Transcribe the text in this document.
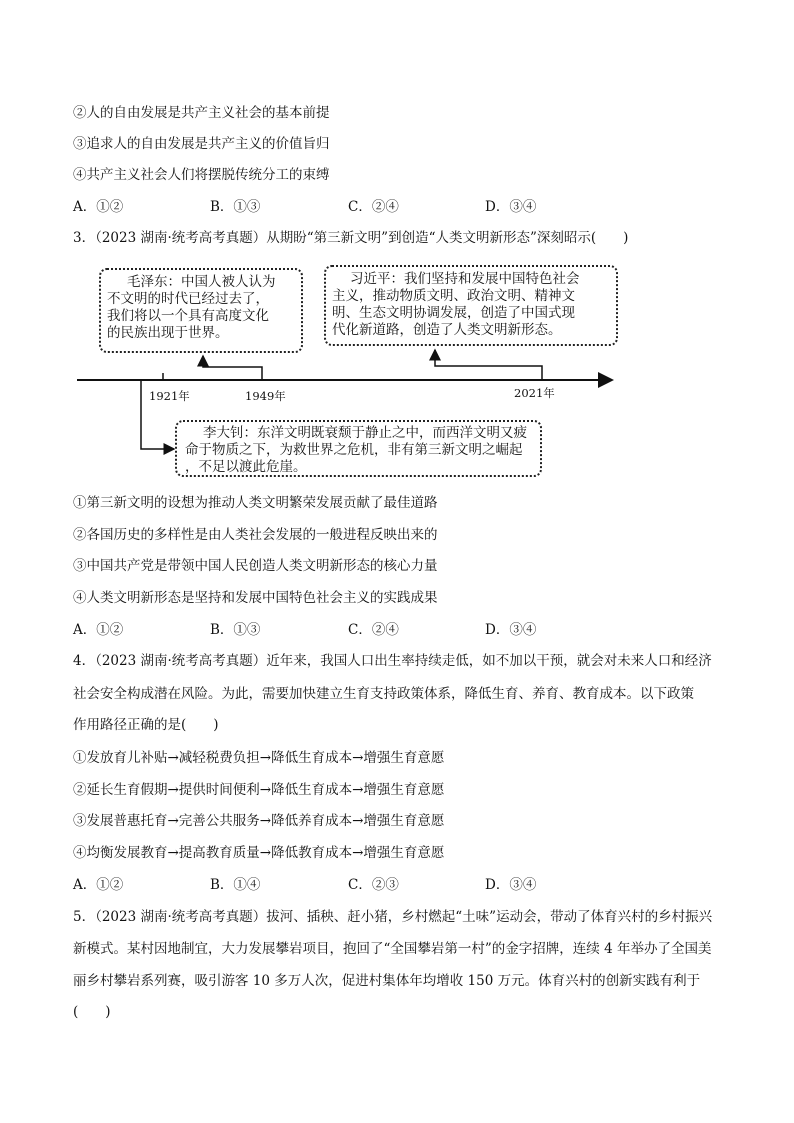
②人的自由发展是共产主义社会的基本前提
③追求人的自由发展是共产主义的价值旨归
④共产主义社会人们将摆脱传统分工的束缚
A．①②	B．①③	C．②④	D．③④
3．（2023 湖南·统考高考真题）从期盼“第三新文明”到创造“人类文明新形态”深刻昭示(　　)
毛泽东：中国人被人认为
不文明的时代已经过去了，
我们将以一个具有高度文化
的民族出现于世界。
习近平：我们坚持和发展中国特色社会
主义，推动物质文明、政治文明、精神文
明、生态文明协调发展，创造了中国式现
代化新道路，创造了人类文明新形态。
李大钊：东洋文明既衰颓于静止之中，而西洋文明又疲
命于物质之下，为救世界之危机，非有第三新文明之崛起
，不足以渡此危崖。
1921年	1949年	2021年
①第三新文明的设想为推动人类文明繁荣发展贡献了最佳道路
②各国历史的多样性是由人类社会发展的一般进程反映出来的
③中国共产党是带领中国人民创造人类文明新形态的核心力量
④人类文明新形态是坚持和发展中国特色社会主义的实践成果
A．①②	B．①③	C．②④	D．③④
4．（2023 湖南·统考高考真题）近年来，我国人口出生率持续走低，如不加以干预，就会对未来人口和经济
社会安全构成潜在风险。为此，需要加快建立生育支持政策体系，降低生育、养育、教育成本。以下政策
作用路径正确的是(　　)
①发放育儿补贴→减轻税费负担→降低生育成本→增强生育意愿
②延长生育假期→提供时间便利→降低生育成本→增强生育意愿
③发展普惠托育→完善公共服务→降低养育成本→增强生育意愿
④均衡发展教育→提高教育质量→降低教育成本→增强生育意愿
A．①②	B．①④	C．②③	D．③④
5．（2023 湖南·统考高考真题）拔河、插秧、赶小猪，乡村燃起“土味”运动会，带动了体育兴村的乡村振兴
新模式。某村因地制宜，大力发展攀岩项目，抱回了“全国攀岩第一村”的金字招牌，连续 4 年举办了全国美
丽乡村攀岩系列赛，吸引游客 10 多万人次，促进村集体年均增收 150 万元。体育兴村的创新实践有利于
(　　)
